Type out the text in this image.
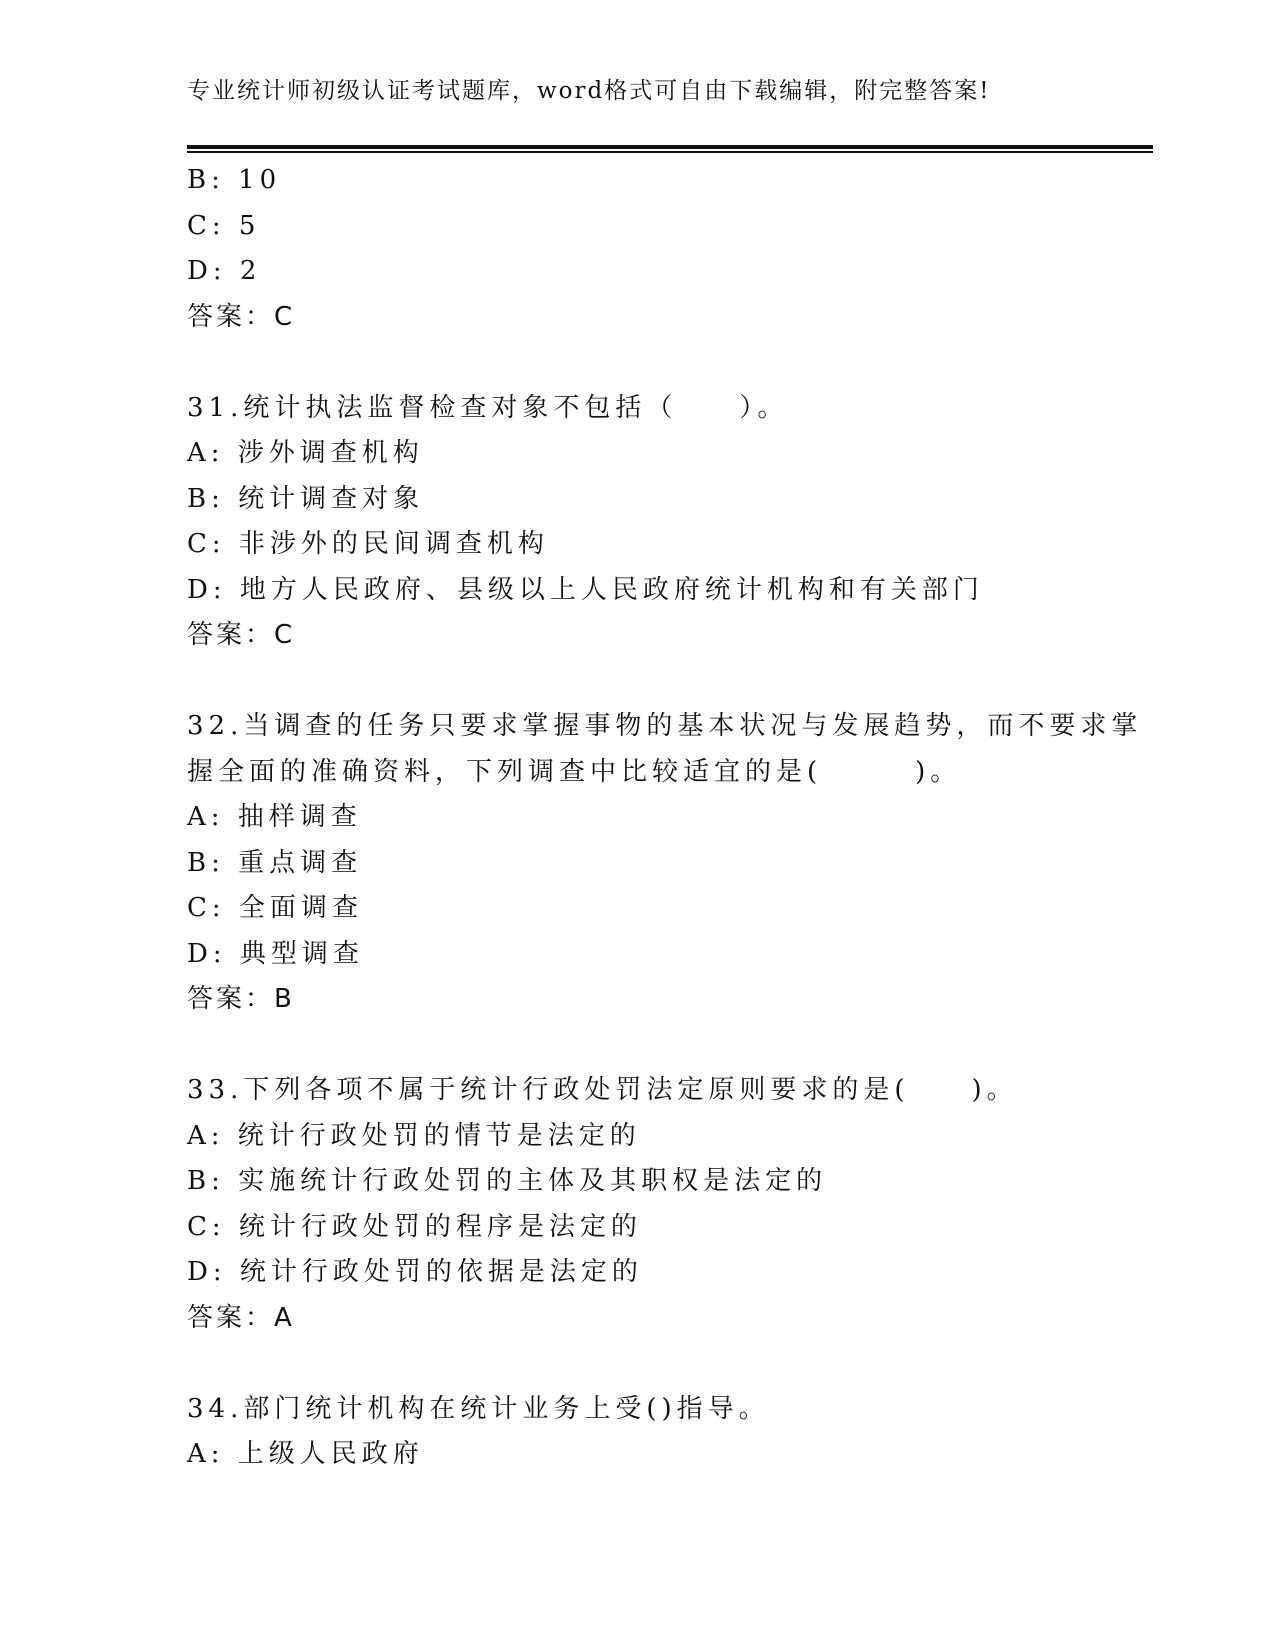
专业统计师初级认证考试题库，word格式可自由下载编辑，附完整答案!
B: 10
C: 5
D: 2
答案：C
31.统计执法监督检查对象不包括（　　）。
A: 涉外调查机构
B: 统计调查对象
C: 非涉外的民间调查机构
D: 地方人民政府、县级以上人民政府统计机构和有关部门
答案：C
32.当调查的任务只要求掌握事物的基本状况与发展趋势，而不要求掌
握全面的准确资料，下列调查中比较适宜的是(　　　)。
A: 抽样调查
B: 重点调查
C: 全面调查
D: 典型调查
答案：B
33.下列各项不属于统计行政处罚法定原则要求的是(　　)。
A: 统计行政处罚的情节是法定的
B: 实施统计行政处罚的主体及其职权是法定的
C: 统计行政处罚的程序是法定的
D: 统计行政处罚的依据是法定的
答案：A
34.部门统计机构在统计业务上受()指导。
A: 上级人民政府
